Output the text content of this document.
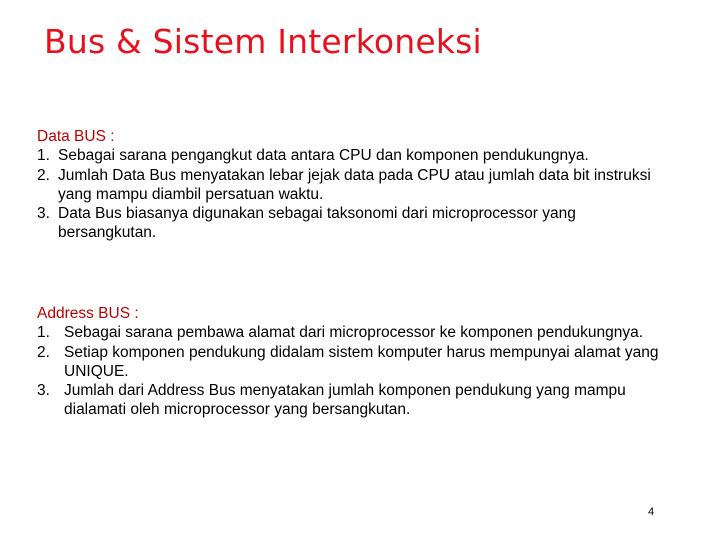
Bus & Sistem Interkoneksi
Data BUS :
1. Sebagai sarana pengangkut data antara CPU dan komponen pendukungnya.
2. Jumlah Data Bus menyatakan lebar jejak data pada CPU atau jumlah data bit instruksi yang mampu diambil persatuan waktu.
3. Data Bus biasanya digunakan sebagai taksonomi dari microprocessor yang bersangkutan.
Address BUS :
1. Sebagai sarana pembawa alamat dari microprocessor ke komponen pendukungnya.
2. Setiap komponen pendukung didalam sistem komputer harus mempunyai alamat yang UNIQUE.
3. Jumlah dari Address Bus menyatakan jumlah komponen pendukung yang mampu dialamati oleh microprocessor yang bersangkutan.
4
